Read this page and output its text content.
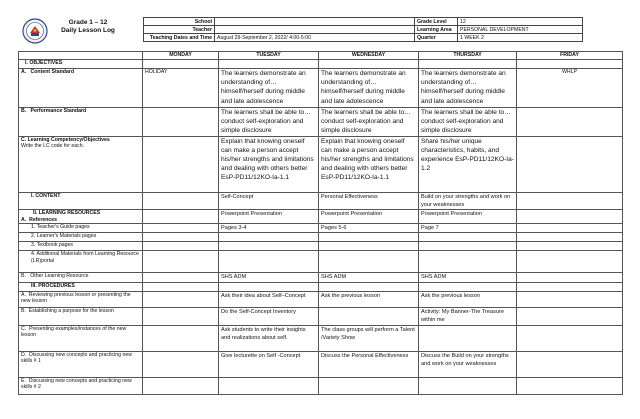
Grade 1 – 12
Daily Lesson Log
School		Grade Level	12
Teacher		Learning Area	PERSONAL DEVELOPMENT
Teaching Dates and Time	August 29-September 2, 2022/ 4:00-5:00	Quarter	1 WEEK 2
	MONDAY	TUESDAY	WEDNESDAY	THURSDAY	FRIDAY
I. OBJECTIVES					
A. Content Standard	HOLIDAY	The learners demonstrate an understanding of… himself/herself during middle and late adolescence	The learners demonstrate an understanding of… himself/herself during middle and late adolescence	The learners demonstrate an understanding of… himself/herself during middle and late adolescence	WHLP
B. Performance Standard		The learners shall be able to… conduct self-exploration and simple disclosure	The learners shall be able to… conduct self-exploration and simple disclosure	The learners shall be able to… conduct self-exploration and simple disclosure	
C. Learning Competency/Objectives
Write the LC code for each.		Explain that knowing oneself can make a person accept his/her strengths and limitations and dealing with others better EsP-PD11/12KO-Ia-1.1	Explain that knowing oneself can make a person accept his/her strengths and limitations and dealing with others better EsP-PD11/12KO-Ia-1.1	Share his/her unique characteristics, habits, and experience EsP-PD11/12KO-Ia-1.2	
I. CONTENT		Self-Concept	Personal Effectiveness	Build on your strengths and work on your weaknesses	

II. LEARNING RESOURCES
A. References		Powerpoint Presentation	Powerpoint Presentation	Powerpoint Presentation	
1. Teacher's Guide pages		Pages 3-4	Pages 5-6	Page 7	
2. Learner's Materials pages					
3. Textbook pages					
4. Additional Materials from Learning Resource (LR)portal					
B. Other Learning Resource		SHS ADM	SHS ADM	SHS ADM	
III. PROCEDURES					
A. Reviewing previous lesson or presenting the new lesson		Ask their idea about Self–Concept	Ask the previous lesson	Ask the previous lesson	
B. Establishing a purpose for the lesson		Do the Self-Concept Inventory		Activity: My Banner-The Treasure within me	
C. Presenting examples/instances of the new lesson		Ask students to write their insights and realizations about self.	The class groups will perform a Talent /Variety Show		
D. Discussing new concepts and practicing new skills # 1		Give lecturette on Self -Concept	Discuss the Personal Effectiveness	Discuss the Build on your strengths and work on your weaknesses	
E. Discussing new concepts and practicing new skills # 2					
